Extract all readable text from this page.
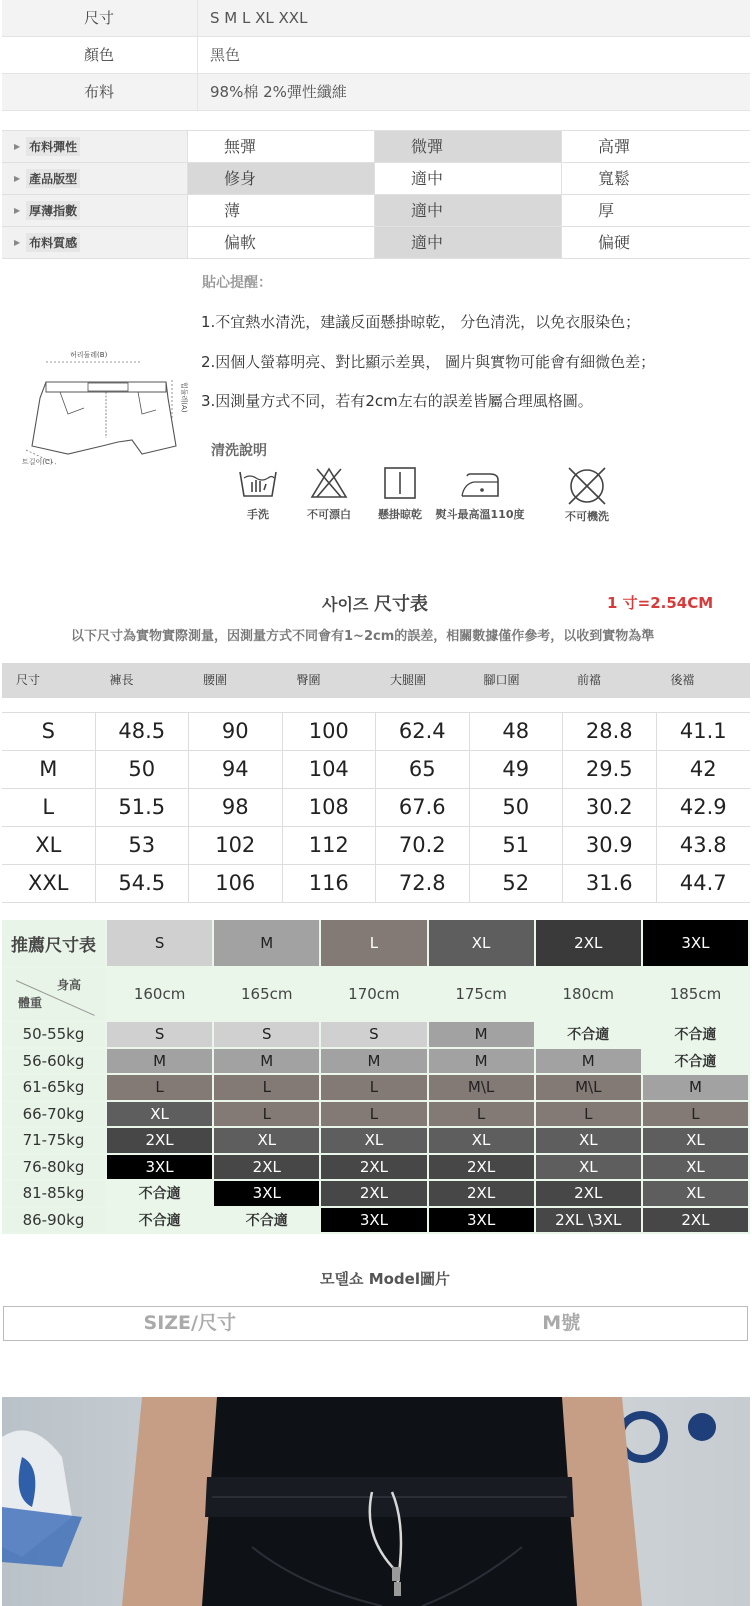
尺寸	S M L XL XXL
顏色	黑色
布料	98%棉 2%彈性纖維
▶ 布料彈性	無彈	微彈	高彈
▶ 產品版型	修身	適中	寬鬆
▶ 厚薄指數	薄	適中	厚
▶ 布料質感	偏軟	適中	偏硬
貼心提醒：
1.不宜熱水清洗，建議反面懸掛晾乾， 分色清洗，以免衣服染色；
2.因個人螢幕明亮、對比顯示差異， 圖片與實物可能會有細微色差；
3.因測量方式不同，若有2cm左右的誤差皆屬合理風格圖。
허리둘레(B)
힙둘레(A)
트길이(C)
清洗說明
手洗	不可漂白	懸掛晾乾	熨斗最高溫110度	不可機洗
사이즈 尺寸表	1 寸=2.54CM
以下尺寸為實物實際測量，因測量方式不同會有1~2cm的誤差，相關數據僅作參考，以收到實物為準
尺寸	褲長	腰圍	臀圍	大腿圍	腳口圍	前襠	後襠
S	48.5	90	100	62.4	48	28.8	41.1
M	50	94	104	65	49	29.5	42
L	51.5	98	108	67.6	50	30.2	42.9
XL	53	102	112	70.2	51	30.9	43.8
XXL	54.5	106	116	72.8	52	31.6	44.7
推薦尺寸表	S	M	L	XL	2XL	3XL
身高
體重	160cm	165cm	170cm	175cm	180cm	185cm
50-55kg	S	S	S	M	不合適	不合適
56-60kg	M	M	M	M	M	不合適
61-65kg	L	L	L	M\L	M\L	M
66-70kg	XL	L	L	L	L	L
71-75kg	2XL	XL	XL	XL	XL	XL
76-80kg	3XL	2XL	2XL	2XL	XL	XL
81-85kg	不合適	3XL	2XL	2XL	2XL	XL
86-90kg	不合適	不合適	3XL	3XL	2XL \3XL	2XL
모델쇼 Model圖片
SIZE/尺寸	M號
